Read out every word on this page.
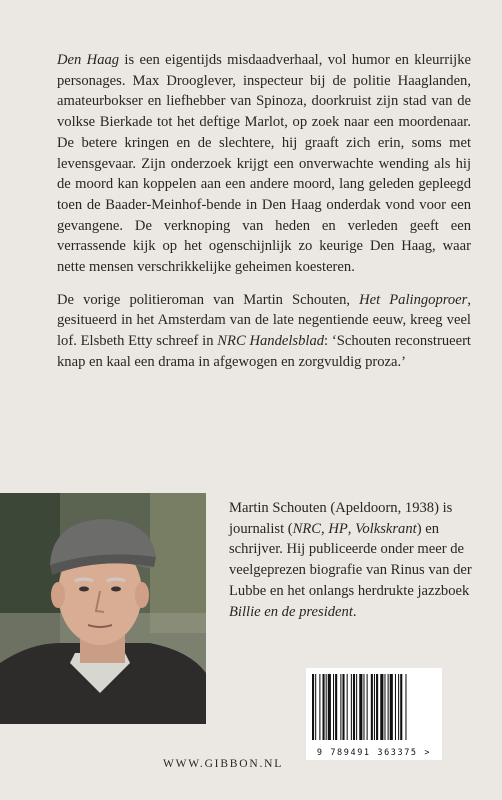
Den Haag is een eigentijds misdaadverhaal, vol humor en kleurrijke personages. Max Drooglever, inspecteur bij de politie Haaglanden, amateurbokser en liefhebber van Spinoza, doorkruist zijn stad van de volkse Bierkade tot het deftige Marlot, op zoek naar een moordenaar. De betere kringen en de slechtere, hij graaft zich erin, soms met levensgevaar. Zijn onderzoek krijgt een onverwachte wending als hij de moord kan koppelen aan een andere moord, lang geleden gepleegd toen de Baader-Meinhof-bende in Den Haag onderdak vond voor een gevangene. De verknoping van heden en verleden geeft een verrassende kijk op het ogenschijnlijk zo keurige Den Haag, waar nette mensen verschrikkelijke geheimen koesteren.

De vorige politieroman van Martin Schouten, Het Palingoproer, gesitueerd in het Amsterdam van de late negentiende eeuw, kreeg veel lof. Elsbeth Etty schreef in NRC Handelsblad: ‘Schouten reconstrueert knap en kaal een drama in afgewogen en zorgvuldig proza.’

Martin Schouten (Apeldoorn, 1938) is journalist (NRC, HP, Volkskrant) en schrijver. Hij publiceerde onder meer de veelgeprezen biografie van Rinus van der Lubbe en het onlangs herdrukte jazzboek Billie en de president.
9 789491 363375 >
WWW.GIBBON.NL
